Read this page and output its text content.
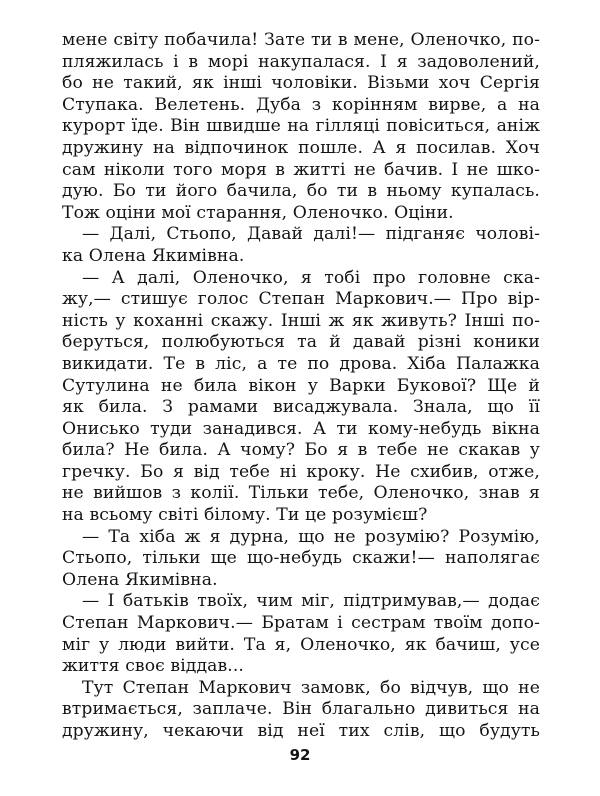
мене світу побачила! Зате ти в мене, Оленочко, по-
пляжилась і в морі накупалася. І я задоволений,
бо не такий, як інші чоловіки. Візьми хоч Сергія
Ступака. Велетень. Дуба з корінням вирве, а на
курорт їде. Він швидше на гілляці повіситься, аніж
дружину на відпочинок пошле. А я посилав. Хоч
сам ніколи того моря в житті не бачив. І не шко-
дую. Бо ти його бачила, бо ти в ньому купалась.
Тож оціни мої старання, Оленочко. Оціни.
— Далі, Стьопо, Давай далі!— підганяє чолові-
ка Олена Якимівна.
— А далі, Оленочко, я тобі про головне ска-
жу,— стишує голос Степан Маркович.— Про вір-
ність у коханні скажу. Інші ж як живуть? Інші по-
беруться, полюбуються та й давай різні коники
викидати. Те в ліс, а те по дрова. Хіба Палажка
Сутулина не била вікон у Варки Букової? Ще й
як била. З рамами висаджувала. Знала, що її
Онисько туди занадився. А ти кому-небудь вікна
била? Не била. А чому? Бо я в тебе не скакав у
гречку. Бо я від тебе ні кроку. Не схибив, отже,
не вийшов з колії. Тільки тебе, Оленочко, знав я
на всьому світі білому. Ти це розумієш?
— Та хіба ж я дурна, що не розумію? Розумію,
Стьопо, тільки ще що-небудь скажи!— наполягає
Олена Якимівна.
— І батьків твоїх, чим міг, підтримував,— додає
Степан Маркович.— Братам і сестрам твоїм допо-
міг у люди вийти. Та я, Оленочко, як бачиш, усе
життя своє віддав...
Тут Степан Маркович замовк, бо відчув, що не
втримається, заплаче. Він благально дивиться на
дружину, чекаючи від неї тих слів, що будуть
92
